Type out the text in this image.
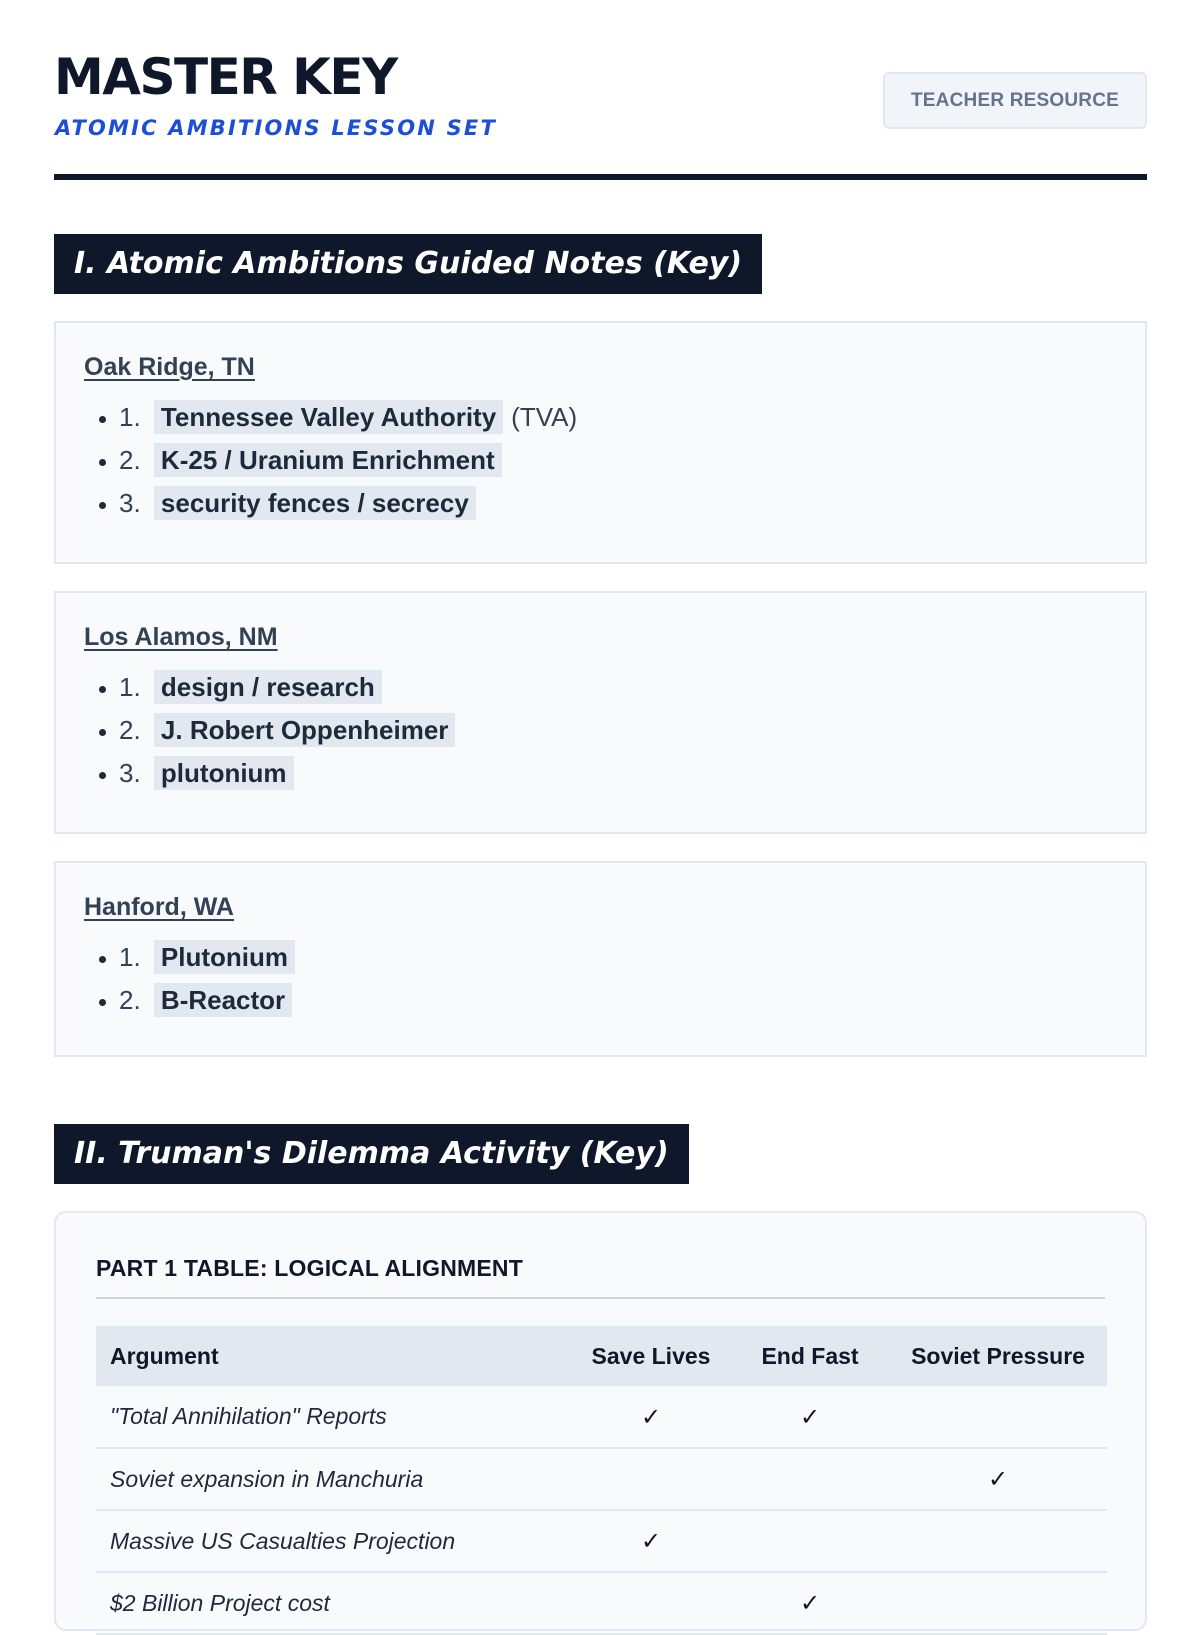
MASTER KEY
ATOMIC AMBITIONS LESSON SET
TEACHER RESOURCE
I. Atomic Ambitions Guided Notes (Key)
Oak Ridge, TN
• 1. Tennessee Valley Authority (TVA)
• 2. K-25 / Uranium Enrichment
• 3. security fences / secrecy
Los Alamos, NM
• 1. design / research
• 2. J. Robert Oppenheimer
• 3. plutonium
Hanford, WA
• 1. Plutonium
• 2. B-Reactor
II. Truman's Dilemma Activity (Key)
PART 1 TABLE: LOGICAL ALIGNMENT
Argument	Save Lives	End Fast	Soviet Pressure
"Total Annihilation" Reports	✓	✓	
Soviet expansion in Manchuria			✓
Massive US Casualties Projection	✓		
$2 Billion Project cost		✓	
